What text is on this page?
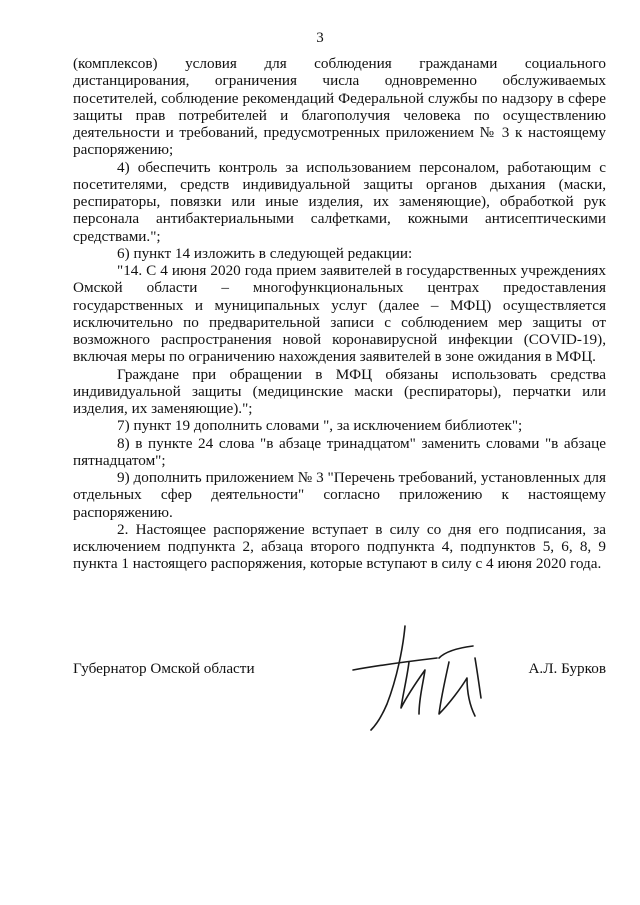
3

(комплексов) условия для соблюдения гражданами социального дистанцирования, ограничения числа одновременно обслуживаемых посетителей, соблюдение рекомендаций Федеральной службы по надзору в сфере защиты прав потребителей и благополучия человека по осуществлению деятельности и требований, предусмотренных приложением № 3 к настоящему распоряжению;

4) обеспечить контроль за использованием персоналом, работающим с посетителями, средств индивидуальной защиты органов дыхания (маски, респираторы, повязки или иные изделия, их заменяющие), обработкой рук персонала антибактериальными салфетками, кожными антисептическими средствами.";

6) пункт 14 изложить в следующей редакции:

"14. С 4 июня 2020 года прием заявителей в государственных учреждениях Омской области – многофункциональных центрах предоставления государственных и муниципальных услуг (далее – МФЦ) осуществляется исключительно по предварительной записи с соблюдением мер защиты от возможного распространения новой коронавирусной инфекции (COVID-19), включая меры по ограничению нахождения заявителей в зоне ожидания в МФЦ.

Граждане при обращении в МФЦ обязаны использовать средства индивидуальной защиты (медицинские маски (респираторы), перчатки или изделия, их заменяющие).";

7) пункт 19 дополнить словами ", за исключением библиотек";

8) в пункте 24 слова "в абзаце тринадцатом" заменить словами "в абзаце пятнадцатом";

9) дополнить приложением № 3 "Перечень требований, установленных для отдельных сфер деятельности" согласно приложению к настоящему распоряжению.

2. Настоящее распоряжение вступает в силу со дня его подписания, за исключением подпункта 2, абзаца второго подпункта 4, подпунктов 5, 6, 8, 9 пункта 1 настоящего распоряжения, которые вступают в силу с 4 июня 2020 года.

Губернатор Омской области	А.Л. Бурков
